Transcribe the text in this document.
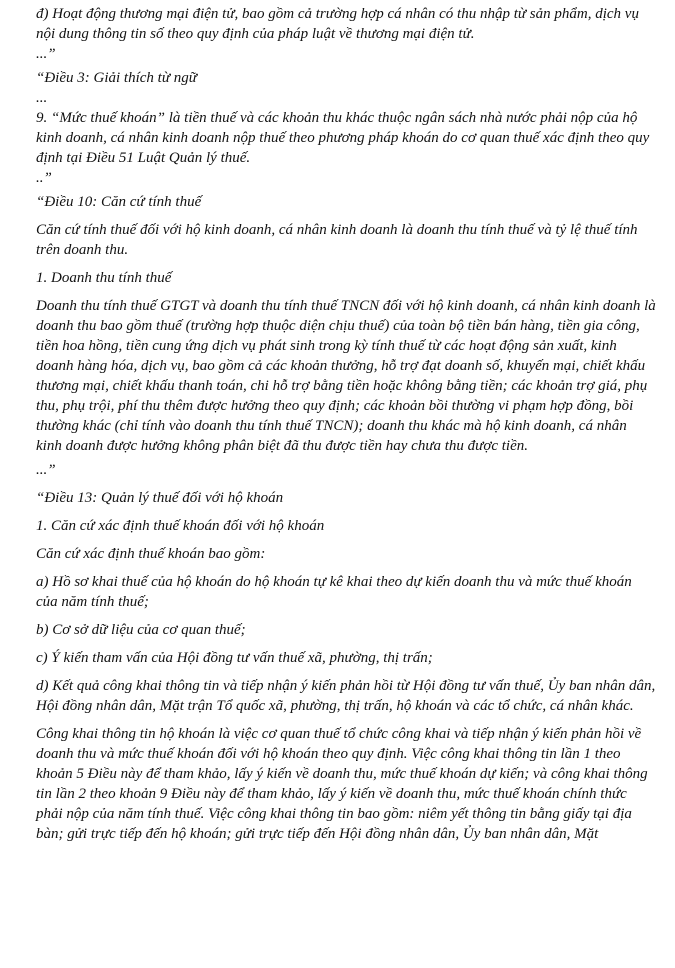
đ) Hoạt động thương mại điện tử, bao gồm cả trường hợp cá nhân có thu nhập từ sản phẩm, dịch vụ nội dung thông tin số theo quy định của pháp luật về thương mại điện tử.

...”

“Điều 3: Giải thích từ ngữ

...

9. “Mức thuế khoán” là tiền thuế và các khoản thu khác thuộc ngân sách nhà nước phải nộp của hộ kinh doanh, cá nhân kinh doanh nộp thuế theo phương pháp khoán do cơ quan thuế xác định theo quy định tại Điều 51 Luật Quản lý thuế.

..”

“Điều 10: Căn cứ tính thuế

Căn cứ tính thuế đối với hộ kinh doanh, cá nhân kinh doanh là doanh thu tính thuế và tỷ lệ thuế tính trên doanh thu.

1. Doanh thu tính thuế

Doanh thu tính thuế GTGT và doanh thu tính thuế TNCN đối với hộ kinh doanh, cá nhân kinh doanh là doanh thu bao gồm thuế (trường hợp thuộc diện chịu thuế) của toàn bộ tiền bán hàng, tiền gia công, tiền hoa hồng, tiền cung ứng dịch vụ phát sinh trong kỳ tính thuế từ các hoạt động sản xuất, kinh doanh hàng hóa, dịch vụ, bao gồm cả các khoản thưởng, hỗ trợ đạt doanh số, khuyến mại, chiết khấu thương mại, chiết khấu thanh toán, chi hỗ trợ bằng tiền hoặc không bằng tiền; các khoản trợ giá, phụ thu, phụ trội, phí thu thêm được hưởng theo quy định; các khoản bồi thường vi phạm hợp đồng, bồi thường khác (chỉ tính vào doanh thu tính thuế TNCN); doanh thu khác mà hộ kinh doanh, cá nhân kinh doanh được hưởng không phân biệt đã thu được tiền hay chưa thu được tiền.

...”

“Điều 13: Quản lý thuế đối với hộ khoán

1. Căn cứ xác định thuế khoán đối với hộ khoán

Căn cứ xác định thuế khoán bao gồm:

a) Hồ sơ khai thuế của hộ khoán do hộ khoán tự kê khai theo dự kiến doanh thu và mức thuế khoán của năm tính thuế;

b) Cơ sở dữ liệu của cơ quan thuế;

c) Ý kiến tham vấn của Hội đồng tư vấn thuế xã, phường, thị trấn;

d) Kết quả công khai thông tin và tiếp nhận ý kiến phản hồi từ Hội đồng tư vấn thuế, Ủy ban nhân dân, Hội đồng nhân dân, Mặt trận Tổ quốc xã, phường, thị trấn, hộ khoán và các tổ chức, cá nhân khác.

Công khai thông tin hộ khoán là việc cơ quan thuế tổ chức công khai và tiếp nhận ý kiến phản hồi về doanh thu và mức thuế khoán đối với hộ khoán theo quy định. Việc công khai thông tin lần 1 theo khoản 5 Điều này để tham khảo, lấy ý kiến về doanh thu, mức thuế khoán dự kiến; và công khai thông tin lần 2 theo khoản 9 Điều này để tham khảo, lấy ý kiến về doanh thu, mức thuế khoán chính thức phải nộp của năm tính thuế. Việc công khai thông tin bao gồm: niêm yết thông tin bằng giấy tại địa bàn; gửi trực tiếp đến hộ khoán; gửi trực tiếp đến Hội đồng nhân dân, Ủy ban nhân dân, Mặt
